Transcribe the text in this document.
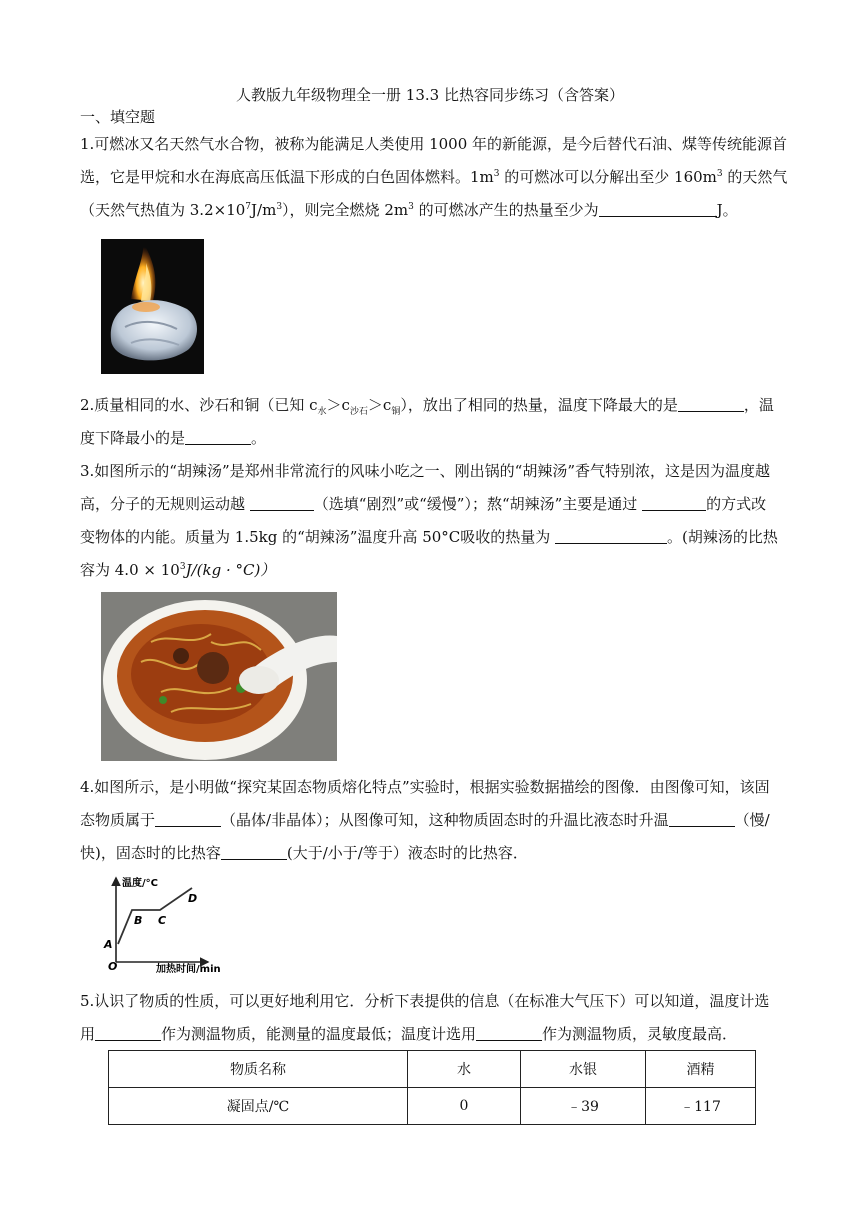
人教版九年级物理全一册 13.3 比热容同步练习（含答案）
一、填空题
1.可燃冰又名天然气水合物，被称为能满足人类使用 1000 年的新能源，是今后替代石油、煤等传统能源首
选，它是甲烷和水在海底高压低温下形成的白色固体燃料。$1m^3$ 的可燃冰可以分解出至少 $160m^3$ 的天然气
（天然气热值为 $3.2\times 10^7J/m^3$），则完全燃烧 $2m^3$ 的可燃冰产生的热量至少为	J。
2.质量相同的水、沙石和铜（已知 $c_水>c_{沙石}>c_铜$），放出了相同的热量，温度下降最大的是	，温
度下降最小的是	。
3.如图所示的“胡辣汤”是郑州非常流行的风味小吃之一、刚出锅的“胡辣汤”香气特别浓，这是因为温度越
高，分子的无规则运动越	（选填“剧烈”或“缓慢”）；熬“胡辣汤”主要是通过	的方式改
变物体的内能。质量为 1.5kg 的“胡辣汤”温度升高 50°C吸收的热量为	。(胡辣汤的比热
容为 $4.0 \times 10^3J/(kg \cdot ^\circ C)$）
4.如图所示，是小明做“探究某固态物质熔化特点”实验时，根据实验数据描绘的图像．由图像可知，该固
态物质属于	（晶体/非晶体）；从图像可知，这种物质固态时的升温比液态时升温	（慢/
快)，固态时的比热容	(大于/小于/等于）液态时的比热容．
温度/°C
加热时间/min
O
A
B C
D
5.认识了物质的性质，可以更好地利用它．分析下表提供的信息（在标准大气压下）可以知道，温度计选
用	作为测温物质，能测量的温度最低；温度计选用	作为测温物质，灵敏度最高．
物质名称	水	水银	酒精
凝固点/℃	0	﹣39	﹣117
